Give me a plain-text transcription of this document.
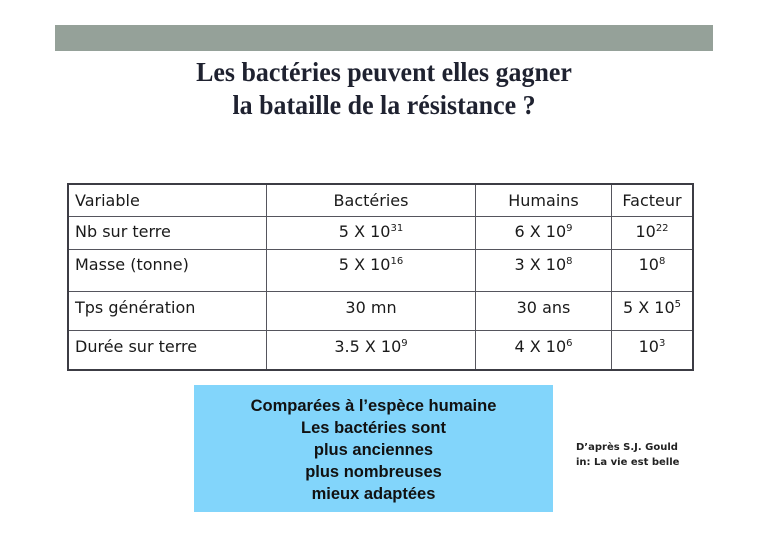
Les bactéries peuvent elles gagner
la bataille de la résistance ?
Variable	Bactéries	Humains	Facteur
Nb sur terre	5 X $10^{31}$	6 X $10^9$	$10^{22}$
Masse (tonne)	5 X $10^{16}$	3 X $10^8$	$10^8$
Tps génération	30 mn	30 ans	5 X $10^5$
Durée sur terre	3.5 X $10^9$	4 X $10^6$	$10^3$
Comparées à l’espèce humaine
Les bactéries sont
plus anciennes
plus nombreuses
mieux adaptées
D’après S.J. Gould
in: La vie est belle
